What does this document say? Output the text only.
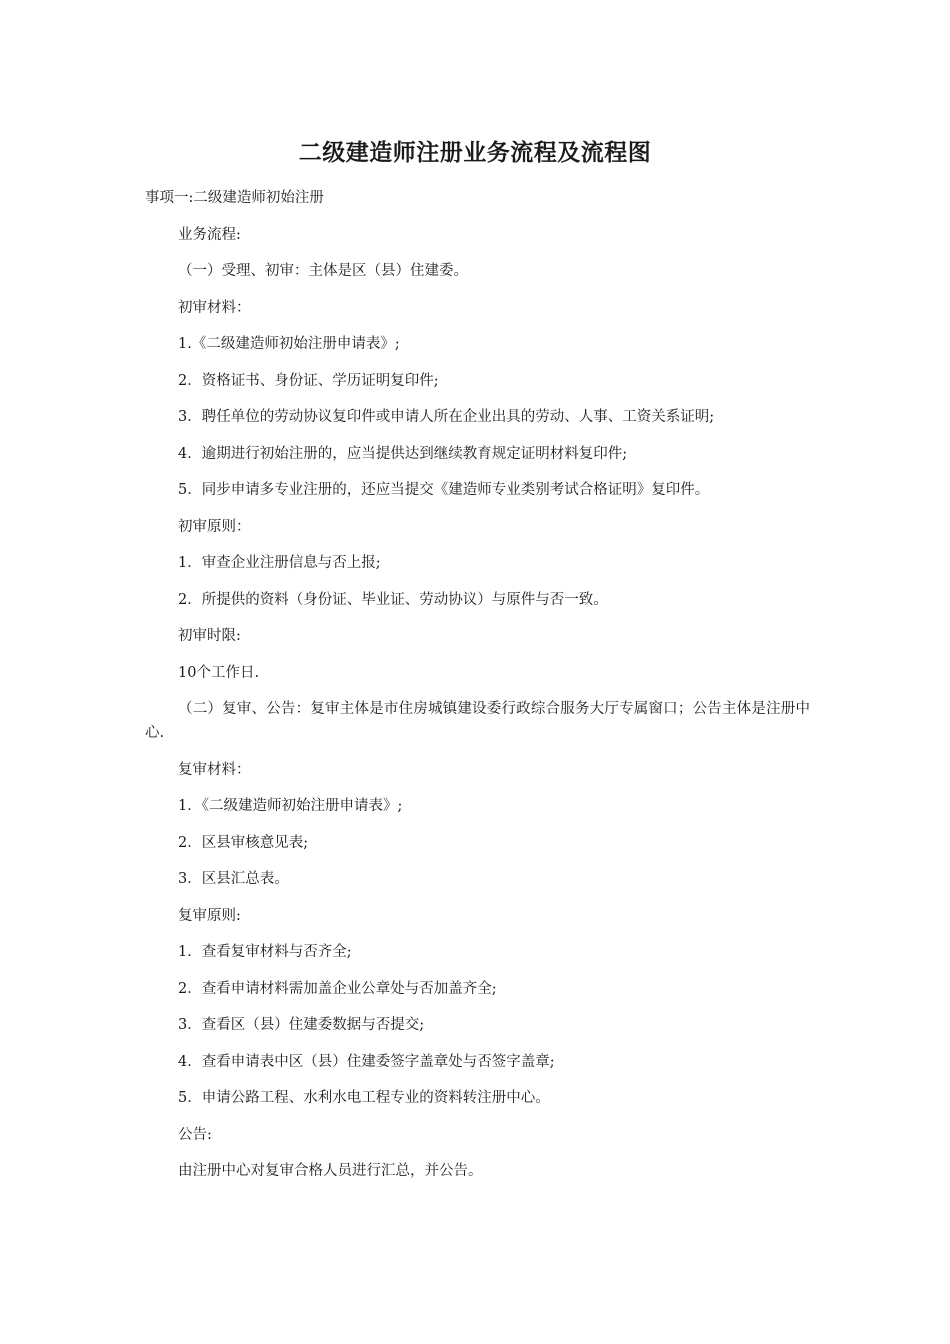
二级建造师注册业务流程及流程图
事项一:二级建造师初始注册
业务流程:
（一）受理、初审：主体是区（县）住建委。
初审材料：
1.《二级建造师初始注册申请表》;
2．资格证书、身份证、学历证明复印件;
3．聘任单位的劳动协议复印件或申请人所在企业出具的劳动、人事、工资关系证明;
4．逾期进行初始注册的，应当提供达到继续教育规定证明材料复印件;
5．同步申请多专业注册的，还应当提交《建造师专业类别考试合格证明》复印件。
初审原则：
1．审查企业注册信息与否上报;
2．所提供的资料（身份证、毕业证、劳动协议）与原件与否一致。
初审时限:
10个工作日.
（二）复审、公告：复审主体是市住房城镇建设委行政综合服务大厅专属窗口；公告主体是注册中心.
复审材料：
1．《二级建造师初始注册申请表》;
2．区县审核意见表;
3．区县汇总表。
复审原则:
1．查看复审材料与否齐全;
2．查看申请材料需加盖企业公章处与否加盖齐全;
3．查看区（县）住建委数据与否提交;
4．查看申请表中区（县）住建委签字盖章处与否签字盖章;
5．申请公路工程、水利水电工程专业的资料转注册中心。
公告:
由注册中心对复审合格人员进行汇总，并公告。
